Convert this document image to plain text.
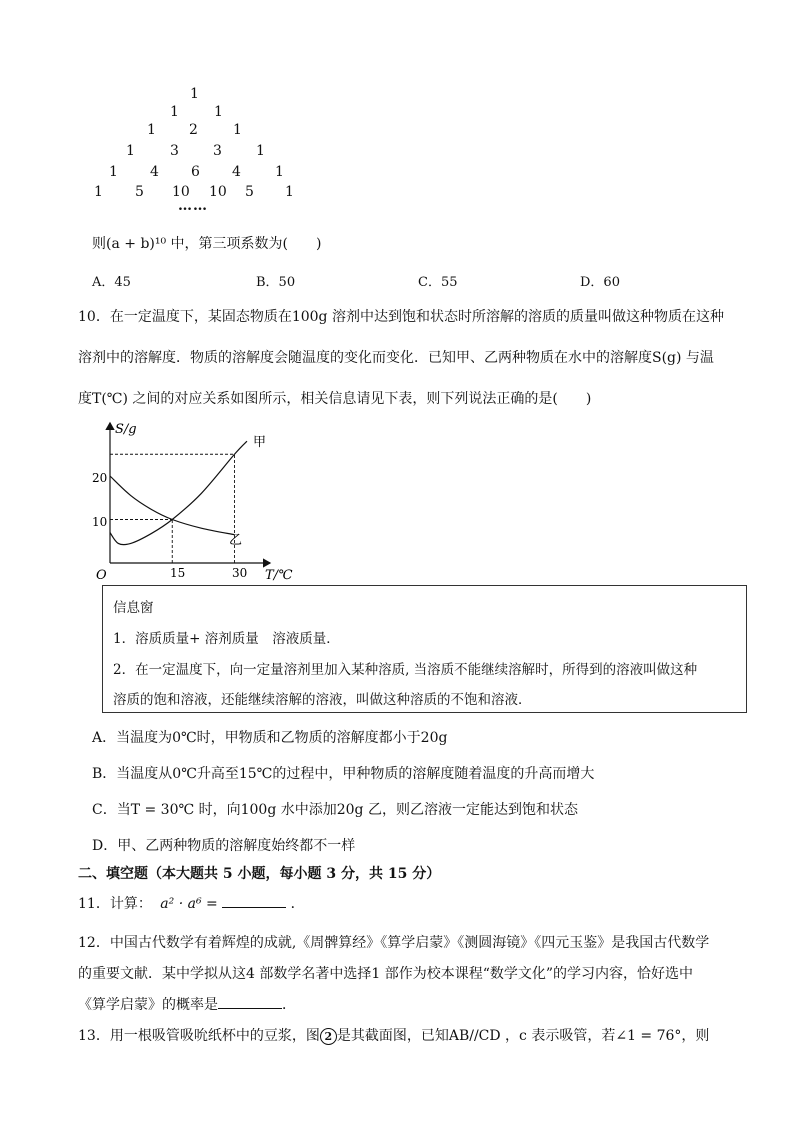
1
1	1
1 2	1
1	3 3 1
1 4 6 4 1
1 5 10 10 5 1
……
则(a + b)¹⁰ 中，第三项系数为(　　)
A．45	B．50	C．55	D．60
10．在一定温度下，某固态物质在100g 溶剂中达到饱和状态时所溶解的溶质的质量叫做这种物质在这种
溶剂中的溶解度．物质的溶解度会随温度的变化而变化．已知甲、乙两种物质在水中的溶解度S(g) 与温
度T(℃) 之间的对应关系如图所示，相关信息请见下表，则下列说法正确的是(　　)
S/g
T/℃
O	15	30
10
20
甲
乙
信息窗
1．溶质质量+ 溶剂质量　溶液质量．
2．在一定温度下，向一定量溶剂里加入某种溶质, 当溶质不能继续溶解时，所得到的溶液叫做这种
溶质的饱和溶液，还能继续溶解的溶液，叫做这种溶质的不饱和溶液．
A．当温度为0℃时，甲物质和乙物质的溶解度都小于20g
B．当温度从0℃升高至15℃的过程中，甲种物质的溶解度随着温度的升高而增大
C．当T = 30℃ 时，向100g 水中添加20g 乙，则乙溶液一定能达到饱和状态
D．甲、乙两种物质的溶解度始终都不一样
二、填空题（本大题共 5 小题，每小题 3 分，共 15 分）
11．计算： a² · a⁶ =	．
12．中国古代数学有着辉煌的成就,《周髀算经》《算学启蒙》《测圆海镜》《四元玉鉴》是我国古代数学
的重要文献．某中学拟从这4 部数学名著中选择1 部作为校本课程“数学文化”的学习内容，恰好选中
《算学启蒙》的概率是	．
13．用一根吸管吸吮纸杯中的豆浆，图 2 是其截面图，已知AB//CD ，c 表示吸管，若∠1 = 76°，则
